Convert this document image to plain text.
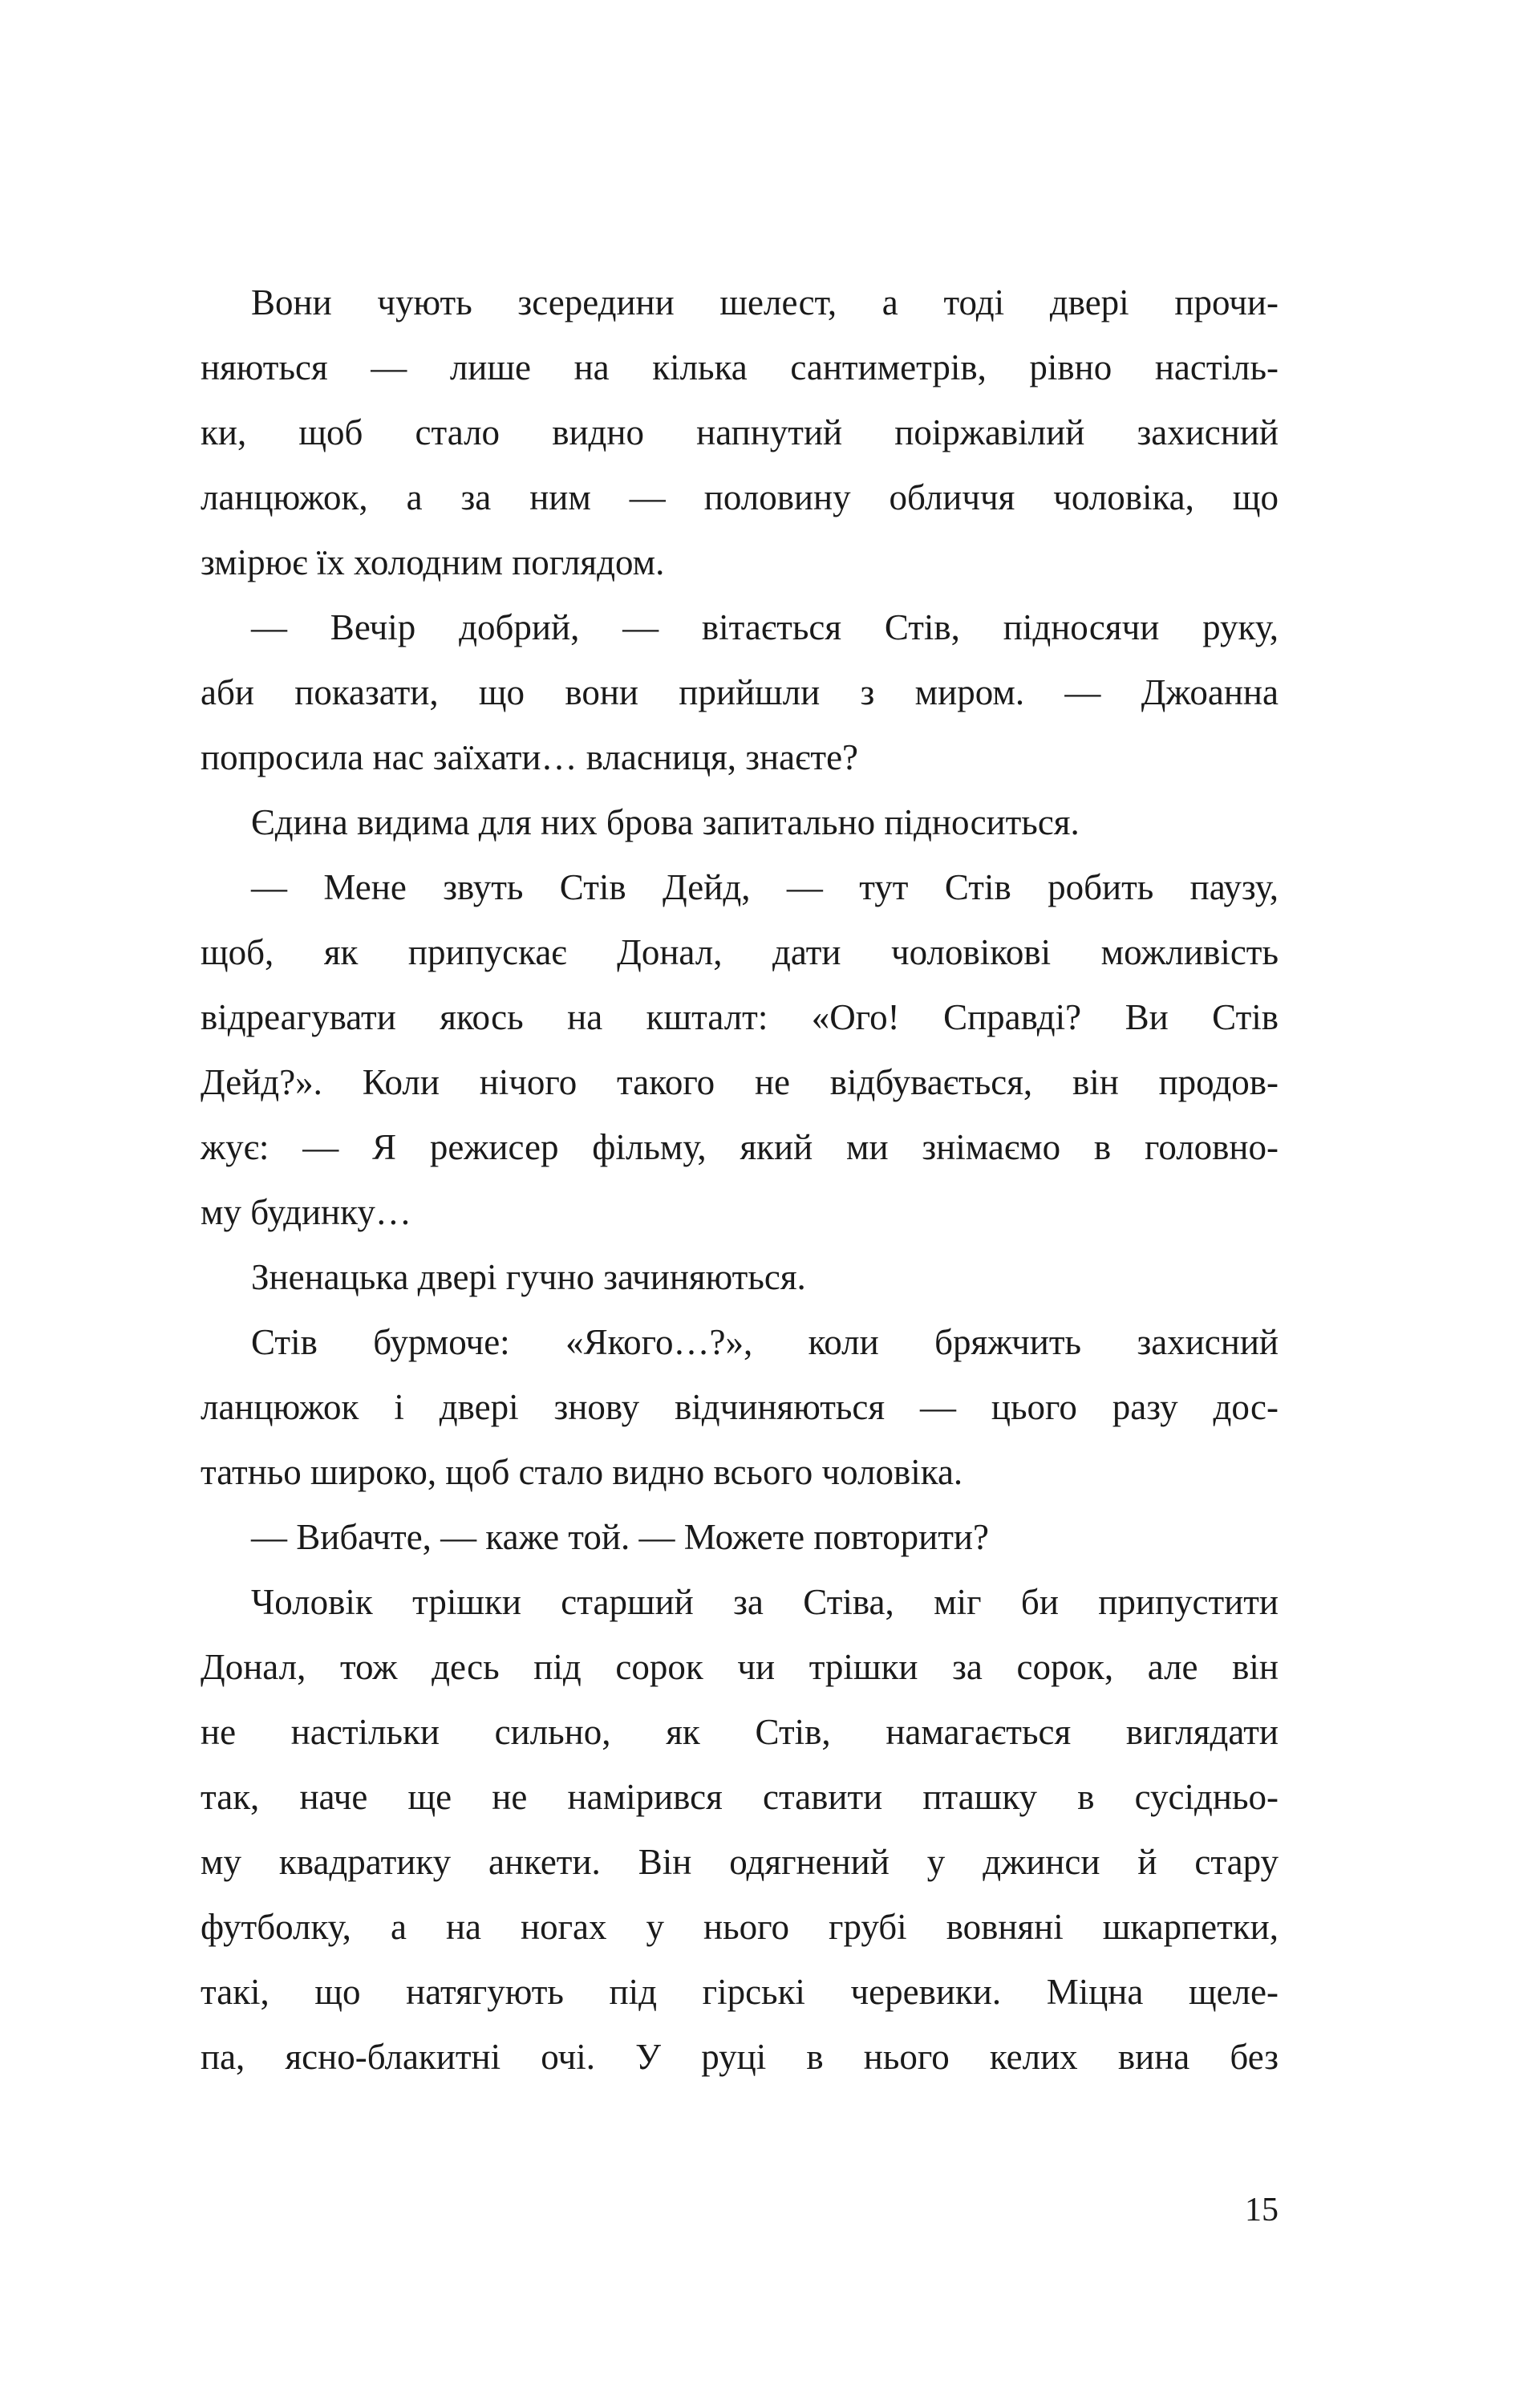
Вони чують зсередини шелест, а тоді двері прочи-
няються — лише на кілька сантиметрів, рівно настіль-
ки, щоб стало видно напнутий поіржавілий захисний
ланцюжок, а за ним — половину обличчя чоловіка, що
змірює їх холодним поглядом.
— Вечір добрий, — вітається Стів, підносячи руку,
аби показати, що вони прийшли з миром. — Джоанна
попросила нас заїхати… власниця, знаєте?
Єдина видима для них брова запитально підноситься.
— Мене звуть Стів Дейд, — тут Стів робить паузу,
щоб, як припускає Донал, дати чоловікові можливість
відреагувати якось на кшталт: «Ого! Справді? Ви Стів
Дейд?». Коли нічого такого не відбувається, він продов-
жує: — Я режисер фільму, який ми знімаємо в головно-
му будинку…
Зненацька двері гучно зачиняються.
Стів бурмоче: «Якого…?», коли бряжчить захисний
ланцюжок і двері знову відчиняються — цього разу дос-
татньо широко, щоб стало видно всього чоловіка.
— Вибачте, — каже той. — Можете повторити?
Чоловік трішки старший за Стіва, міг би припустити
Донал, тож десь під сорок чи трішки за сорок, але він
не настільки сильно, як Стів, намагається виглядати
так, наче ще не намірився ставити пташку в сусідньо-
му квадратику анкети. Він одягнений у джинси й стару
футболку, а на ногах у нього грубі вовняні шкарпетки,
такі, що натягують під гірські черевики. Міцна щеле-
па, ясно-блакитні очі. У руці в нього келих вина без
15
